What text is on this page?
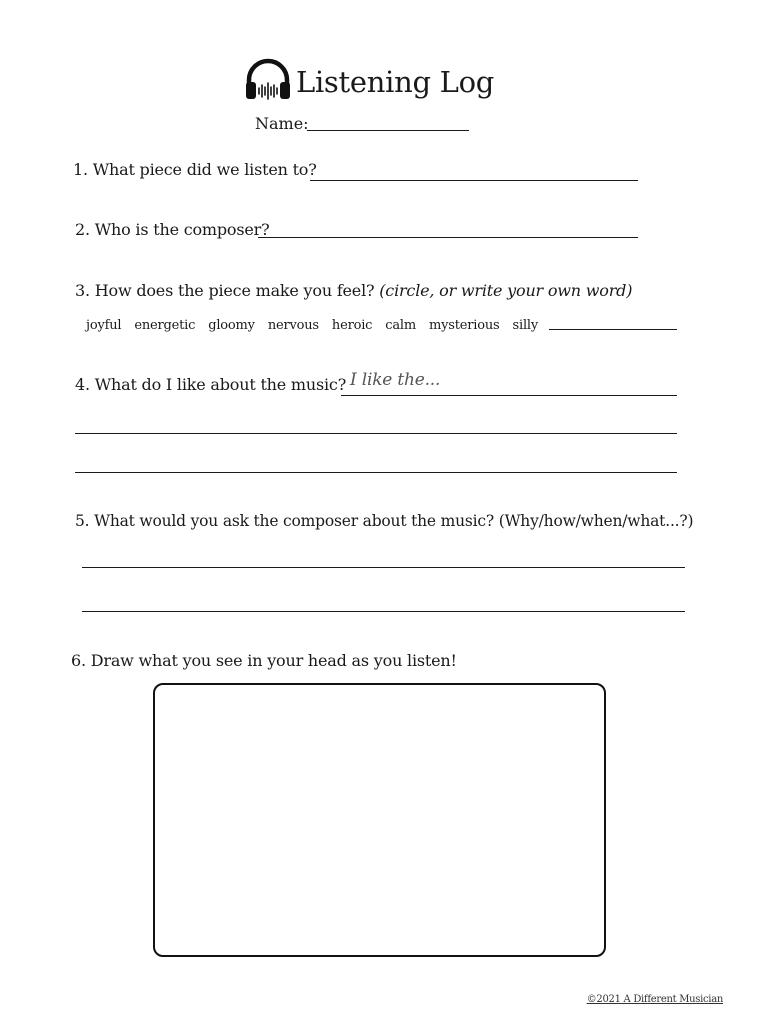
Listening Log
Name:
1. What piece did we listen to?
2. Who is the composer?
3. How does the piece make you feel? (circle, or write your own word)
joyful energetic gloomy nervous heroic calm mysterious silly
4. What do I like about the music? I like the...
5. What would you ask the composer about the music? (Why/how/when/what...?)
6. Draw what you see in your head as you listen!
©2021 A Different Musician
